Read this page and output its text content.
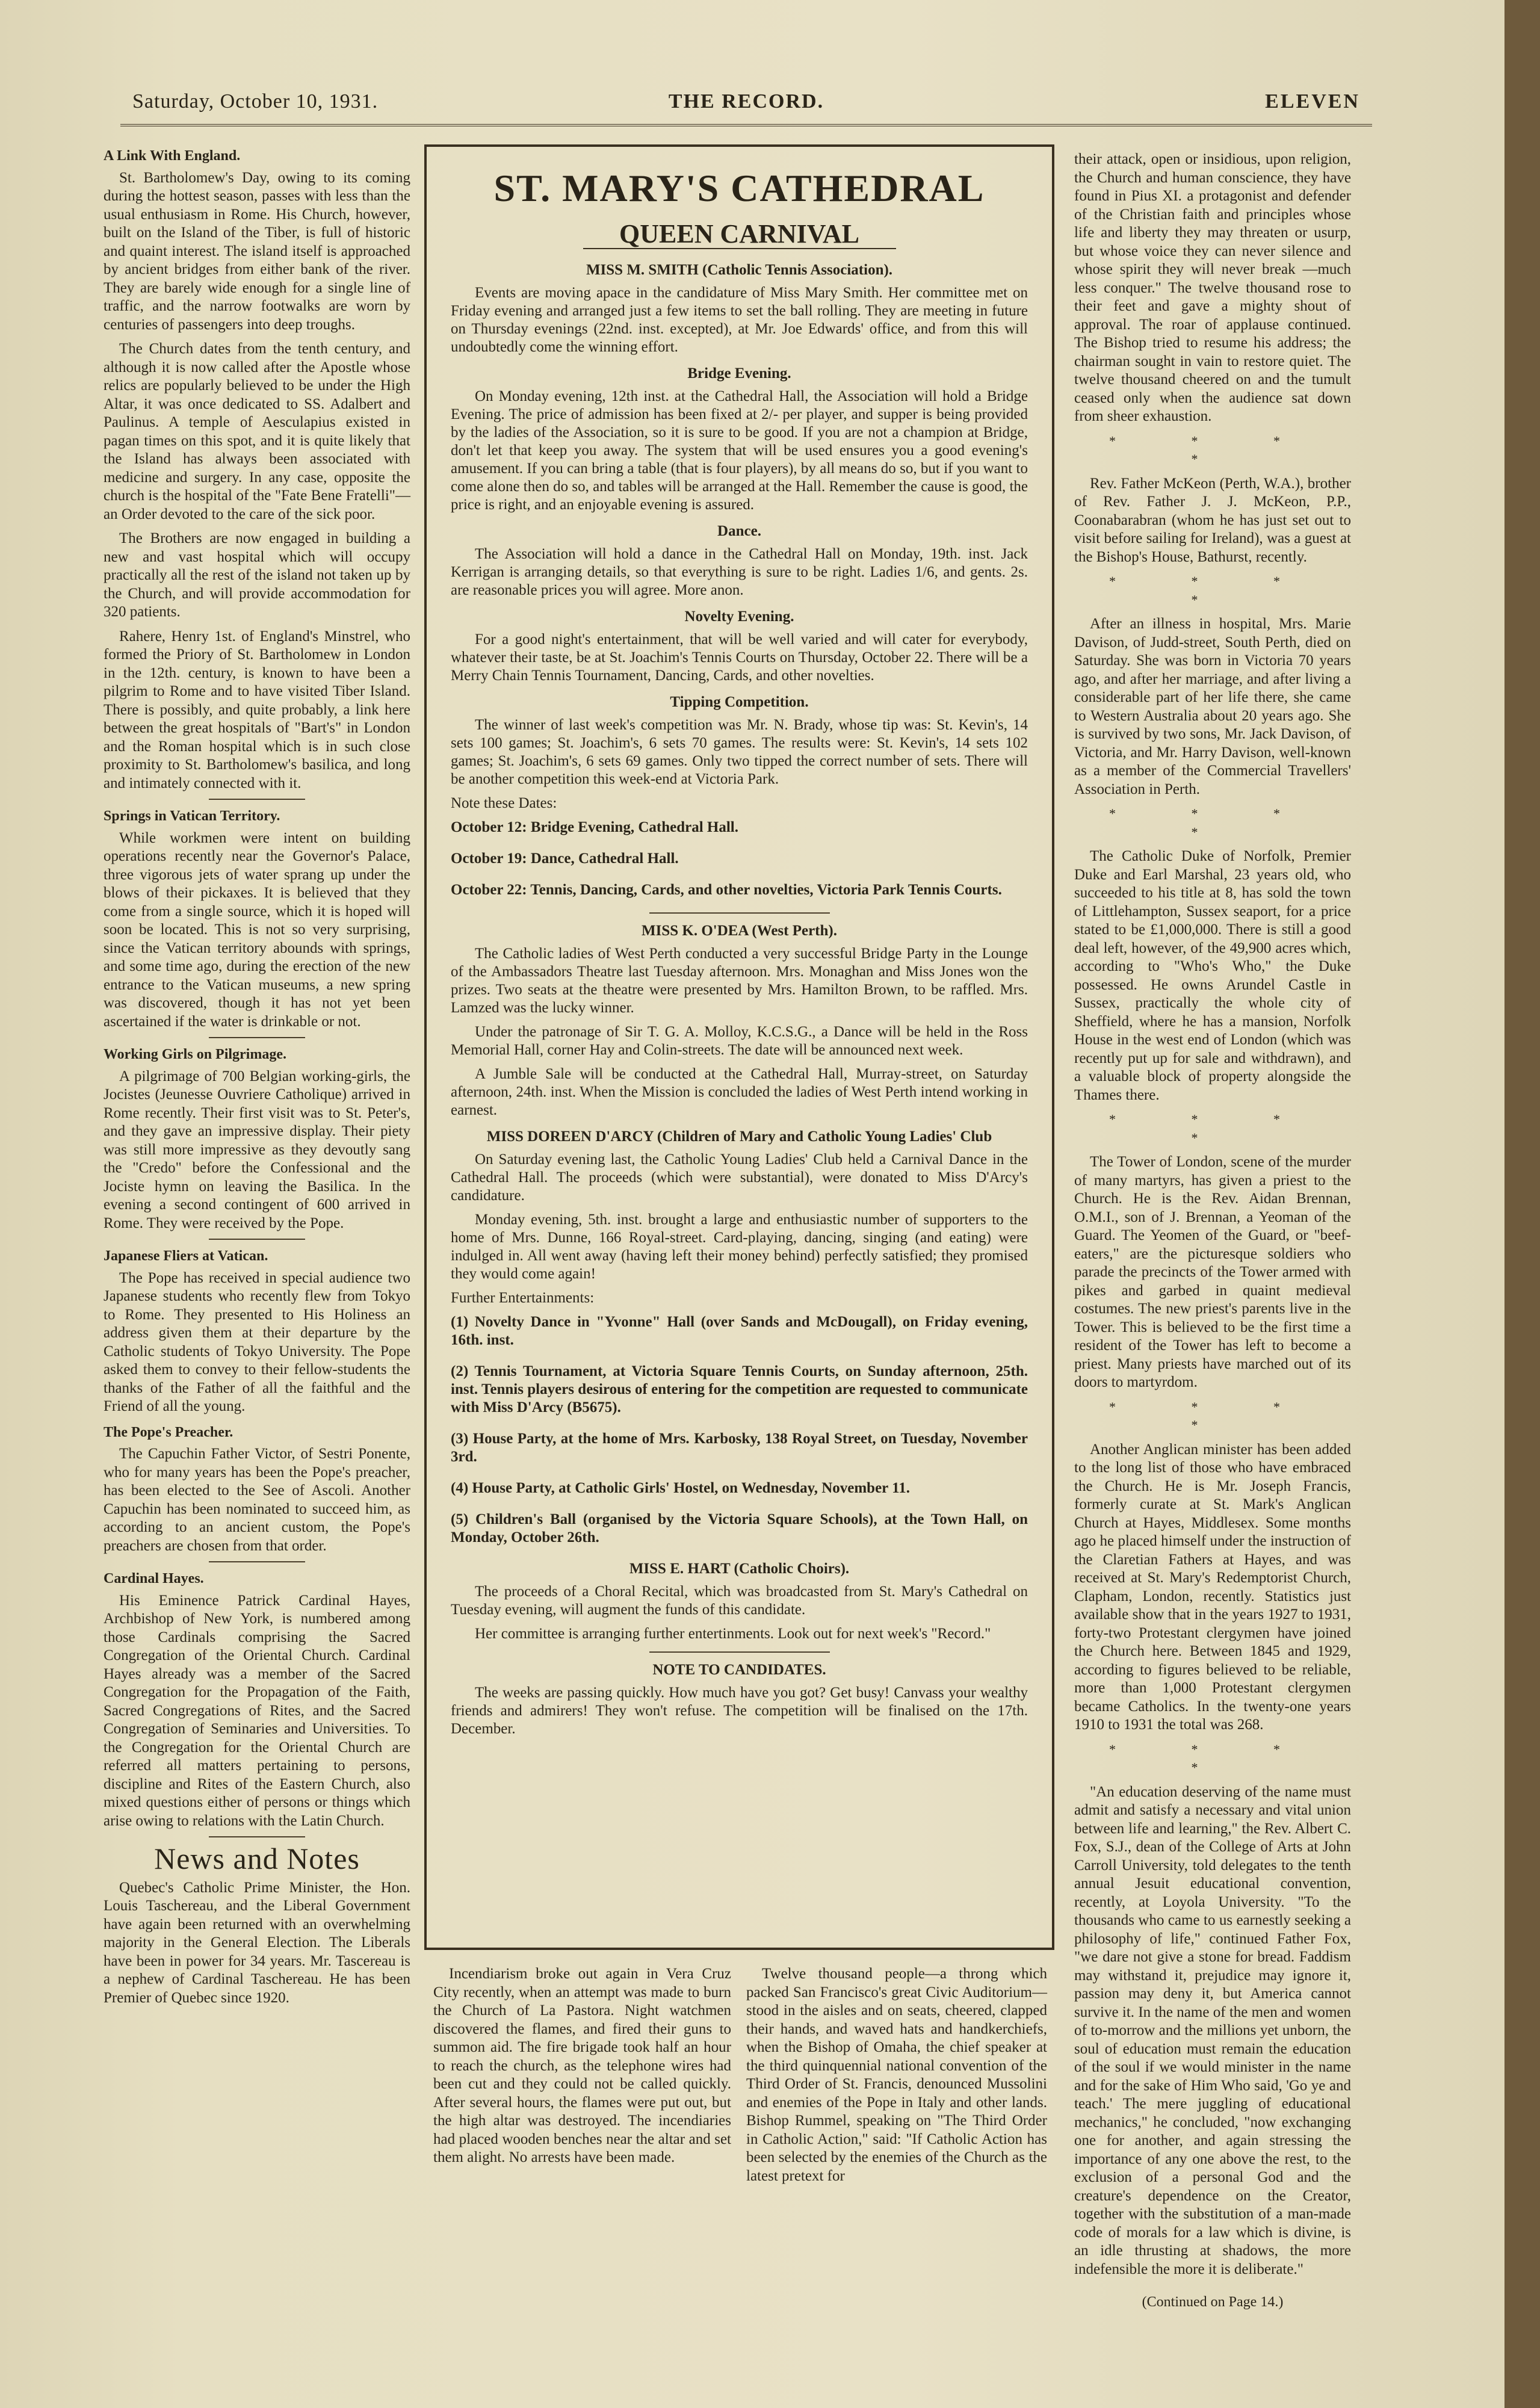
Saturday, October 10, 1931.	THE RECORD.	ELEVEN
A Link With England.

St. Bartholomew's Day, owing to its coming during the hottest season, passes with less than the usual enthusiasm in Rome. His Church, however, built on the Island of the Tiber, is full of historic and quaint interest. The island itself is approached by ancient bridges from either bank of the river. They are barely wide enough for a single line of traffic, and the narrow footwalks are worn by centuries of passengers into deep troughs.

The Church dates from the tenth century, and although it is now called after the Apostle whose relics are popularly believed to be under the High Altar, it was once dedicated to SS. Adalbert and Paulinus. A temple of Aesculapius existed in pagan times on this spot, and it is quite likely that the Island has always been associated with medicine and surgery. In any case, opposite the church is the hospital of the "Fate Bene Fratelli"—an Order devoted to the care of the sick poor.

The Brothers are now engaged in building a new and vast hospital which will occupy practically all the rest of the island not taken up by the Church, and will provide accommodation for 320 patients.

Rahere, Henry 1st. of England's Minstrel, who formed the Priory of St. Bartholomew in London in the 12th. century, is known to have been a pilgrim to Rome and to have visited Tiber Island. There is possibly, and quite probably, a link here between the great hospitals of "Bart's" in London and the Roman hospital which is in such close proximity to St. Bartholomew's basilica, and long and intimately connected with it.

Springs in Vatican Territory.

While workmen were intent on building operations recently near the Governor's Palace, three vigorous jets of water sprang up under the blows of their pickaxes. It is believed that they come from a single source, which it is hoped will soon be located. This is not so very surprising, since the Vatican territory abounds with springs, and some time ago, during the erection of the new entrance to the Vatican museums, a new spring was discovered, though it has not yet been ascertained if the water is drinkable or not.

Working Girls on Pilgrimage.

A pilgrimage of 700 Belgian working-girls, the Jocistes (Jeunesse Ouvriere Catholique) arrived in Rome recently. Their first visit was to St. Peter's, and they gave an impressive display. Their piety was still more impressive as they devoutly sang the "Credo" before the Confessional and the Jociste hymn on leaving the Basilica. In the evening a second contingent of 600 arrived in Rome. They were received by the Pope.

Japanese Fliers at Vatican.

The Pope has received in special audience two Japanese students who recently flew from Tokyo to Rome. They presented to His Holiness an address given them at their departure by the Catholic students of Tokyo University. The Pope asked them to convey to their fellow-students the thanks of the Father of all the faithful and the Friend of all the young.

The Pope's Preacher.

The Capuchin Father Victor, of Sestri Ponente, who for many years has been the Pope's preacher, has been elected to the See of Ascoli. Another Capuchin has been nominated to succeed him, as according to an ancient custom, the Pope's preachers are chosen from that order.

Cardinal Hayes.

His Eminence Patrick Cardinal Hayes, Archbishop of New York, is numbered among those Cardinals comprising the Sacred Congregation of the Oriental Church. Cardinal Hayes already was a member of the Sacred Congregation for the Propagation of the Faith, Sacred Congregations of Rites, and the Sacred Congregation of Seminaries and Universities. To the Congregation for the Oriental Church are referred all matters pertaining to persons, discipline and Rites of the Eastern Church, also mixed questions either of persons or things which arise owing to relations with the Latin Church.

News and Notes

Quebec's Catholic Prime Minister, the Hon. Louis Taschereau, and the Liberal Government have again been returned with an overwhelming majority in the General Election. The Liberals have been in power for 34 years. Mr. Tascereau is a nephew of Cardinal Taschereau. He has been Premier of Quebec since 1920.

ST. MARY'S CATHEDRAL
QUEEN CARNIVAL
MISS M. SMITH (Catholic Tennis Association).

Events are moving apace in the candidature of Miss Mary Smith. Her committee met on Friday evening and arranged just a few items to set the ball rolling. They are meeting in future on Thursday evenings (22nd. inst. excepted), at Mr. Joe Edwards' office, and from this will undoubtedly come the winning effort.

Bridge Evening.

On Monday evening, 12th inst. at the Cathedral Hall, the Association will hold a Bridge Evening. The price of admission has been fixed at 2/- per player, and supper is being provided by the ladies of the Association, so it is sure to be good. If you are not a champion at Bridge, don't let that keep you away. The system that will be used ensures you a good evening's amusement. If you can bring a table (that is four players), by all means do so, but if you want to come alone then do so, and tables will be arranged at the Hall. Remember the cause is good, the price is right, and an enjoyable evening is assured.

Dance.

The Association will hold a dance in the Cathedral Hall on Monday, 19th. inst. Jack Kerrigan is arranging details, so that everything is sure to be right. Ladies 1/6, and gents. 2s. are reasonable prices you will agree. More anon.

Novelty Evening.

For a good night's entertainment, that will be well varied and will cater for everybody, whatever their taste, be at St. Joachim's Tennis Courts on Thursday, October 22. There will be a Merry Chain Tennis Tournament, Dancing, Cards, and other novelties.

Tipping Competition.

The winner of last week's competition was Mr. N. Brady, whose tip was: St. Kevin's, 14 sets 100 games; St. Joachim's, 6 sets 70 games. The results were: St. Kevin's, 14 sets 102 games; St. Joachim's, 6 sets 69 games. Only two tipped the correct number of sets. There will be another competition this week-end at Victoria Park.

Note these Dates:

October 12: Bridge Evening, Cathedral Hall.

October 19: Dance, Cathedral Hall.

October 22: Tennis, Dancing, Cards, and other novelties, Victoria Park Tennis Courts.

MISS K. O'DEA (West Perth).

The Catholic ladies of West Perth conducted a very successful Bridge Party in the Lounge of the Ambassadors Theatre last Tuesday afternoon. Mrs. Monaghan and Miss Jones won the prizes. Two seats at the theatre were presented by Mrs. Hamilton Brown, to be raffled. Mrs. Lamzed was the lucky winner.

Under the patronage of Sir T. G. A. Molloy, K.C.S.G., a Dance will be held in the Ross Memorial Hall, corner Hay and Colin-streets. The date will be announced next week.

A Jumble Sale will be conducted at the Cathedral Hall, Murray-street, on Saturday afternoon, 24th. inst. When the Mission is concluded the ladies of West Perth intend working in earnest.

MISS DOREEN D'ARCY (Children of Mary and Catholic Young Ladies' Club

On Saturday evening last, the Catholic Young Ladies' Club held a Carnival Dance in the Cathedral Hall. The proceeds (which were substantial), were donated to Miss D'Arcy's candidature.

Monday evening, 5th. inst. brought a large and enthusiastic number of supporters to the home of Mrs. Dunne, 166 Royal-street. Card-playing, dancing, singing (and eating) were indulged in. All went away (having left their money behind) perfectly satisfied; they promised they would come again!

Further Entertainments:

(1) Novelty Dance in "Yvonne" Hall (over Sands and McDougall), on Friday evening, 16th. inst.

(2) Tennis Tournament, at Victoria Square Tennis Courts, on Sunday afternoon, 25th. inst. Tennis players desirous of entering for the competition are requested to communicate with Miss D'Arcy (B5675).

(3) House Party, at the home of Mrs. Karbosky, 138 Royal Street, on Tuesday, November 3rd.

(4) House Party, at Catholic Girls' Hostel, on Wednesday, November 11.

(5) Children's Ball (organised by the Victoria Square Schools), at the Town Hall, on Monday, October 26th.

MISS E. HART (Catholic Choirs).

The proceeds of a Choral Recital, which was broadcasted from St. Mary's Cathedral on Tuesday evening, will augment the funds of this candidate.

Her committee is arranging further entertinments. Look out for next week's "Record."

NOTE TO CANDIDATES.

The weeks are passing quickly. How much have you got? Get busy! Canvass your wealthy friends and admirers! They won't refuse. The competition will be finalised on the 17th. December.

Incendiarism broke out again in Vera Cruz City recently, when an attempt was made to burn the Church of La Pastora. Night watchmen discovered the flames, and fired their guns to summon aid. The fire brigade took half an hour to reach the church, as the telephone wires had been cut and they could not be called quickly. After several hours, the flames were put out, but the high altar was destroyed. The incendiaries had placed wooden benches near the altar and set them alight. No arrests have been made.

Twelve thousand people—a throng which packed San Francisco's great Civic Auditorium—stood in the aisles and on seats, cheered, clapped their hands, and waved hats and handkerchiefs, when the Bishop of Omaha, the chief speaker at the third quinquennial national convention of the Third Order of St. Francis, denounced Mussolini and enemies of the Pope in Italy and other lands. Bishop Rummel, speaking on "The Third Order in Catholic Action," said: "If Catholic Action has been selected by the enemies of the Church as the latest pretext for

their attack, open or insidious, upon religion, the Church and human conscience, they have found in Pius XI. a protagonist and defender of the Christian faith and principles whose life and liberty they may threaten or usurp, but whose voice they can never silence and whose spirit they will never break —much less conquer." The twelve thousand rose to their feet and gave a mighty shout of approval. The roar of applause continued. The Bishop tried to resume his address; the chairman sought in vain to restore quiet. The twelve thousand cheered on and the tumult ceased only when the audience sat down from sheer exhaustion.

* * * *

Rev. Father McKeon (Perth, W.A.), brother of Rev. Father J. J. McKeon, P.P., Coonabarabran (whom he has just set out to visit before sailing for Ireland), was a guest at the Bishop's House, Bathurst, recently.

* * * *

After an illness in hospital, Mrs. Marie Davison, of Judd-street, South Perth, died on Saturday. She was born in Victoria 70 years ago, and after her marriage, and after living a considerable part of her life there, she came to Western Australia about 20 years ago. She is survived by two sons, Mr. Jack Davison, of Victoria, and Mr. Harry Davison, well-known as a member of the Commercial Travellers' Association in Perth.

* * * *

The Catholic Duke of Norfolk, Premier Duke and Earl Marshal, 23 years old, who succeeded to his title at 8, has sold the town of Littlehampton, Sussex seaport, for a price stated to be £1,000,000. There is still a good deal left, however, of the 49,900 acres which, according to "Who's Who," the Duke possessed. He owns Arundel Castle in Sussex, practically the whole city of Sheffield, where he has a mansion, Norfolk House in the west end of London (which was recently put up for sale and withdrawn), and a valuable block of property alongside the Thames there.

* * * *

The Tower of London, scene of the murder of many martyrs, has given a priest to the Church. He is the Rev. Aidan Brennan, O.M.I., son of J. Brennan, a Yeoman of the Guard. The Yeomen of the Guard, or "beef-eaters," are the picturesque soldiers who parade the precincts of the Tower armed with pikes and garbed in quaint medieval costumes. The new priest's parents live in the Tower. This is believed to be the first time a resident of the Tower has left to become a priest. Many priests have marched out of its doors to martyrdom.

* * * *

Another Anglican minister has been added to the long list of those who have embraced the Church. He is Mr. Joseph Francis, formerly curate at St. Mark's Anglican Church at Hayes, Middlesex. Some months ago he placed himself under the instruction of the Claretian Fathers at Hayes, and was received at St. Mary's Redemptorist Church, Clapham, London, recently. Statistics just available show that in the years 1927 to 1931, forty-two Protestant clergymen have joined the Church here. Between 1845 and 1929, according to figures believed to be reliable, more than 1,000 Protestant clergymen became Catholics. In the twenty-one years 1910 to 1931 the total was 268.

* * * *

"An education deserving of the name must admit and satisfy a necessary and vital union between life and learning," the Rev. Albert C. Fox, S.J., dean of the College of Arts at John Carroll University, told delegates to the tenth annual Jesuit educational convention, recently, at Loyola University. "To the thousands who came to us earnestly seeking a philosophy of life," continued Father Fox, "we dare not give a stone for bread. Faddism may withstand it, prejudice may ignore it, passion may deny it, but America cannot survive it. In the name of the men and women of to-morrow and the millions yet unborn, the soul of education must remain the education of the soul if we would minister in the name and for the sake of Him Who said, 'Go ye and teach.' The mere juggling of educational mechanics," he concluded, "now exchanging one for another, and again stressing the importance of any one above the rest, to the exclusion of a personal God and the creature's dependence on the Creator, together with the substitution of a man-made code of morals for a law which is divine, is an idle thrusting at shadows, the more indefensible the more it is deliberate."

(Continued on Page 14.)
